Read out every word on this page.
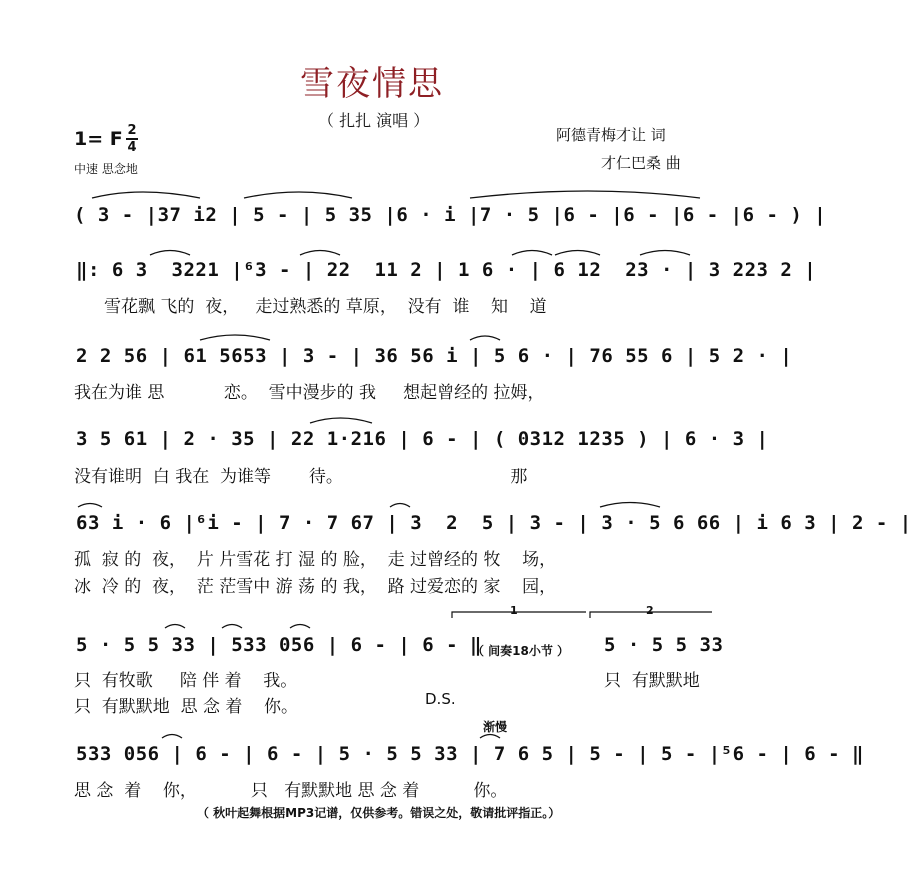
雪夜情思
（ 扎扎 演唱 ）
1= F 2
4
中速 思念地
阿德青梅才让 词
才仁巴桑 曲
( 3 - |37 i2 | 5 - | 5 35 |6 · i |7 · 5 |6 - |6 - |6 - |6 - ) |
‖: 6 3  3221 |⁶3 - | 22  11 2 | 1 6 · | 6 12  23 · | 3 223 2 |
雪花飘 飞的  夜，   走过熟悉的 草原，  没有  谁    知    道
2 2 56 | 61 5653 | 3 - | 36 56 i | 5 6 · | 76 55 6 | 5 2 · |
我在为谁 思           恋。  雪中漫步的 我     想起曾经的 拉姆，
3 5 61 | 2 · 35 | 22 1·216 | 6 - | ( 0312 1235 ) | 6 · 3 |
没有谁明  白 我在  为谁等       待。                               那
63 i · 6 |⁶i - | 7 · 7 67 | 3  2  5 | 3 - | 3 · 5 6 66 | i 6 3 | 2 - |
孤  寂 的  夜，  片 片雪花 打 湿 的 脸，  走 过曾经的 牧    场，
冰  冷 的  夜，  茫 茫雪中 游 荡 的 我，  路 过爱恋的 家    园，
1	2
5 · 5 5 33 | 533 056 | 6 - | 6 - ‖
（ 间奏18小节 ） 5 · 5 5 33
只  有牧歌     陪 伴 着    我。
只  有默默地  思 念 着    你。
只  有默默地
D.S.
渐慢
533 056 | 6 - | 6 - | 5 · 5 5 33 | 7 6 5 | 5 - | 5 - |⁵6 - | 6 - ‖
思 念  着    你，          只   有默默地 思 念 着          你。
（ 秋叶起舞根据MP3记谱，仅供参考。错误之处，敬请批评指正。）
